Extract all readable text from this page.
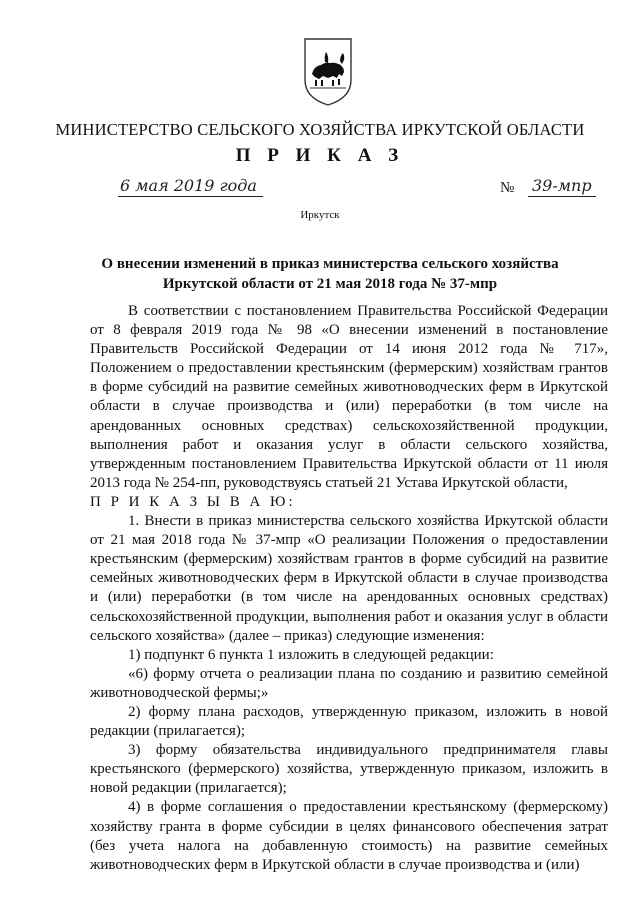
МИНИСТЕРСТВО СЕЛЬСКОГО ХОЗЯЙСТВА ИРКУТСКОЙ ОБЛАСТИ
П Р И К А З
6 мая 2019 года	№ 39-мпр
Иркутск
О внесении изменений в приказ министерства сельского хозяйства
Иркутской области от 21 мая 2018 года № 37-мпр

В соответствии с постановлением Правительства Российской Федерации от 8 февраля 2019 года № 98 «О внесении изменений в постановление Правительств Российской Федерации от 14 июня 2012 года № 717», Положением о предоставлении крестьянским (фермерским) хозяйствам грантов в форме субсидий на развитие семейных животноводческих ферм в Иркутской области в случае производства и (или) переработки (в том числе на арендованных основных средствах) сельскохозяйственной продукции, выполнения работ и оказания услуг в области сельского хозяйства, утвержденным постановлением Правительства Иркутской области от 11 июля 2013 года № 254-пп, руководствуясь статьей 21 Устава Иркутской области,

П Р И К А З Ы В А Ю:

1. Внести в приказ министерства сельского хозяйства Иркутской области от 21 мая 2018 года № 37-мпр «О реализации Положения о предоставлении крестьянским (фермерским) хозяйствам грантов в форме субсидий на развитие семейных животноводческих ферм в Иркутской области в случае производства и (или) переработки (в том числе на арендованных основных средствах) сельскохозяйственной продукции, выполнения работ и оказания услуг в области сельского хозяйства» (далее – приказ) следующие изменения:

1) подпункт 6 пункта 1 изложить в следующей редакции:

«6) форму отчета о реализации плана по созданию и развитию семейной животноводческой фермы;»

2) форму плана расходов, утвержденную приказом, изложить в новой редакции (прилагается);

3) форму обязательства индивидуального предпринимателя главы крестьянского (фермерского) хозяйства, утвержденную приказом, изложить в новой редакции (прилагается);

4) в форме соглашения о предоставлении крестьянскому (фермерскому) хозяйству гранта в форме субсидии в целях финансового обеспечения затрат (без учета налога на добавленную стоимость) на развитие семейных животноводческих ферм в Иркутской области в случае производства и (или)
